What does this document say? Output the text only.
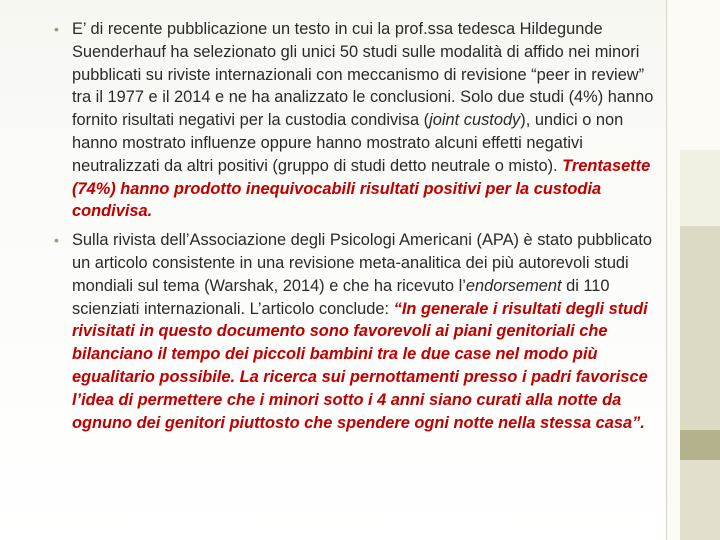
• E’ di recente pubblicazione un testo in cui la prof.ssa tedesca Hildegunde Suenderhauf ha selezionato gli unici 50 studi sulle modalità di affido nei minori pubblicati su riviste internazionali con meccanismo di revisione “peer in review” tra il 1977 e il 2014 e ne ha analizzato le conclusioni. Solo due studi (4%) hanno fornito risultati negativi per la custodia condivisa (joint custody), undici o non hanno mostrato influenze oppure hanno mostrato alcuni effetti negativi neutralizzati da altri positivi (gruppo di studi detto neutrale o misto). Trentasette (74%) hanno prodotto inequivocabili risultati positivi per la custodia condivisa.
• Sulla rivista dell’Associazione degli Psicologi Americani (APA) è stato pubblicato un articolo consistente in una revisione meta-analitica dei più autorevoli studi mondiali sul tema (Warshak, 2014) e che ha ricevuto l’endorsement di 110 scienziati internazionali. L’articolo conclude: “In generale i risultati degli studi rivisitati in questo documento sono favorevoli ai piani genitoriali che bilanciano il tempo dei piccoli bambini tra le due case nel modo più egualitario possibile. La ricerca sui pernottamenti presso i padri favorisce l’idea di permettere che i minori sotto i 4 anni siano curati alla notte da ognuno dei genitori piuttosto che spendere ogni notte nella stessa casa”.
